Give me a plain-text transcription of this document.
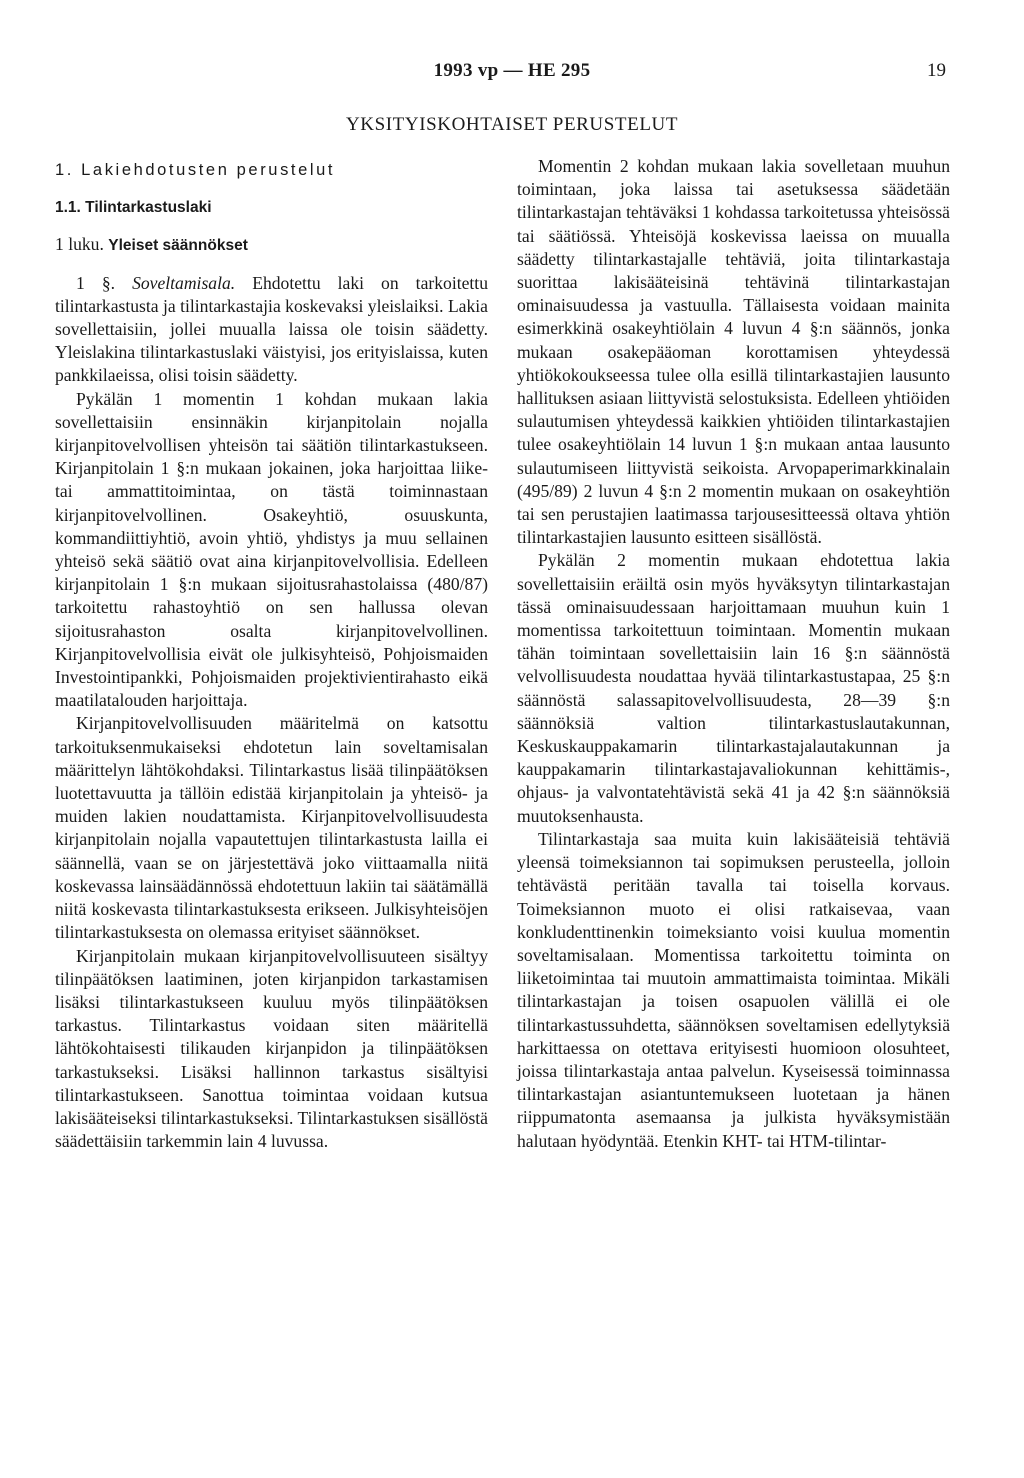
1993 vp — HE 295	19
YKSITYISKOHTAISET PERUSTELUT
1. Lakiehdotusten perustelut
1.1. Tilintarkastuslaki
1 luku. Yleiset säännökset

1 §. Soveltamisala. Ehdotettu laki on tarkoitettu tilintarkastusta ja tilintarkastajia koskevaksi yleislaiksi. Lakia sovellettaisiin, jollei muualla laissa ole toisin säädetty. Yleislakina tilintarkastuslaki väistyisi, jos erityislaissa, kuten pankkilaeissa, olisi toisin säädetty.

Pykälän 1 momentin 1 kohdan mukaan lakia sovellettaisiin ensinnäkin kirjanpitolain nojalla kirjanpitovelvollisen yhteisön tai säätiön tilintarkastukseen. Kirjanpitolain 1 §:n mukaan jokainen, joka harjoittaa liike- tai ammattitoimintaa, on tästä toiminnastaan kirjanpitovelvollinen. Osakeyhtiö, osuuskunta, kommandiittiyhtiö, avoin yhtiö, yhdistys ja muu sellainen yhteisö sekä säätiö ovat aina kirjanpitovelvollisia. Edelleen kirjanpitolain 1 §:n mukaan sijoitusrahastolaissa (480/87) tarkoitettu rahastoyhtiö on sen hallussa olevan sijoitusrahaston osalta kirjanpitovelvollinen. Kirjanpitovelvollisia eivät ole julkisyhteisö, Pohjoismaiden Investointipankki, Pohjoismaiden projektivientirahasto eikä maatilatalouden harjoittaja.

Kirjanpitovelvollisuuden määritelmä on katsottu tarkoituksenmukaiseksi ehdotetun lain soveltamisalan määrittelyn lähtökohdaksi. Tilintarkastus lisää tilinpäätöksen luotettavuutta ja tällöin edistää kirjanpitolain ja yhteisö- ja muiden lakien noudattamista. Kirjanpitovelvollisuudesta kirjanpitolain nojalla vapautettujen tilintarkastusta lailla ei säännellä, vaan se on järjestettävä joko viittaamalla niitä koskevassa lainsäädännössä ehdotettuun lakiin tai säätämällä niitä koskevasta tilintarkastuksesta erikseen. Julkisyhteisöjen tilintarkastuksesta on olemassa erityiset säännökset.

Kirjanpitolain mukaan kirjanpitovelvollisuuteen sisältyy tilinpäätöksen laatiminen, joten kirjanpidon tarkastamisen lisäksi tilintarkastukseen kuuluu myös tilinpäätöksen tarkastus. Tilintarkastus voidaan siten määritellä lähtökohtaisesti tilikauden kirjanpidon ja tilinpäätöksen tarkastukseksi. Lisäksi hallinnon tarkastus sisältyisi tilintarkastukseen. Sanottua toimintaa voidaan kutsua lakisääteiseksi tilintarkastukseksi. Tilintarkastuksen sisällöstä säädettäisiin tarkemmin lain 4 luvussa.

Momentin 2 kohdan mukaan lakia sovelletaan muuhun toimintaan, joka laissa tai asetuksessa säädetään tilintarkastajan tehtäväksi 1 kohdassa tarkoitetussa yhteisössä tai säätiössä. Yhteisöjä koskevissa laeissa on muualla säädetty tilintarkastajalle tehtäviä, joita tilintarkastaja suorittaa lakisääteisinä tehtävinä tilintarkastajan ominaisuudessa ja vastuulla. Tällaisesta voidaan mainita esimerkkinä osakeyhtiölain 4 luvun 4 §:n säännös, jonka mukaan osakepääoman korottamisen yhteydessä yhtiökokoukseessa tulee olla esillä tilintarkastajien lausunto hallituksen asiaan liittyvistä selostuksista. Edelleen yhtiöiden sulautumisen yhteydessä kaikkien yhtiöiden tilintarkastajien tulee osakeyhtiölain 14 luvun 1 §:n mukaan antaa lausunto sulautumiseen liittyvistä seikoista. Arvopaperimarkkinalain (495/89) 2 luvun 4 §:n 2 momentin mukaan on osakeyhtiön tai sen perustajien laatimassa tarjousesitteessä oltava yhtiön tilintarkastajien lausunto esitteen sisällöstä.

Pykälän 2 momentin mukaan ehdotettua lakia sovellettaisiin eräiltä osin myös hyväksytyn tilintarkastajan tässä ominaisuudessaan harjoittamaan muuhun kuin 1 momentissa tarkoitettuun toimintaan. Momentin mukaan tähän toimintaan sovellettaisiin lain 16 §:n säännöstä velvollisuudesta noudattaa hyvää tilintarkastustapaa, 25 §:n säännöstä salassapitovelvollisuudesta, 28—39 §:n säännöksiä valtion tilintarkastuslautakunnan, Keskuskauppakamarin tilintarkastajalautakunnan ja kauppakamarin tilintarkastajavaliokunnan kehittämis-, ohjaus- ja valvontatehtävistä sekä 41 ja 42 §:n säännöksiä muutoksenhausta.

Tilintarkastaja saa muita kuin lakisääteisiä tehtäviä yleensä toimeksiannon tai sopimuksen perusteella, jolloin tehtävästä peritään tavalla tai toisella korvaus. Toimeksiannon muoto ei olisi ratkaisevaa, vaan konkludenttinenkin toimeksianto voisi kuulua momentin soveltamisalaan. Momentissa tarkoitettu toiminta on liiketoimintaa tai muutoin ammattimaista toimintaa. Mikäli tilintarkastajan ja toisen osapuolen välillä ei ole tilintarkastussuhdetta, säännöksen soveltamisen edellytyksiä harkittaessa on otettava erityisesti huomioon olosuhteet, joissa tilintarkastaja antaa palvelun. Kyseisessä toiminnassa tilintarkastajan asiantuntemukseen luotetaan ja hänen riippumatonta asemaansa ja julkista hyväksymistään halutaan hyödyntää. Etenkin KHT- tai HTM-tilintar-
